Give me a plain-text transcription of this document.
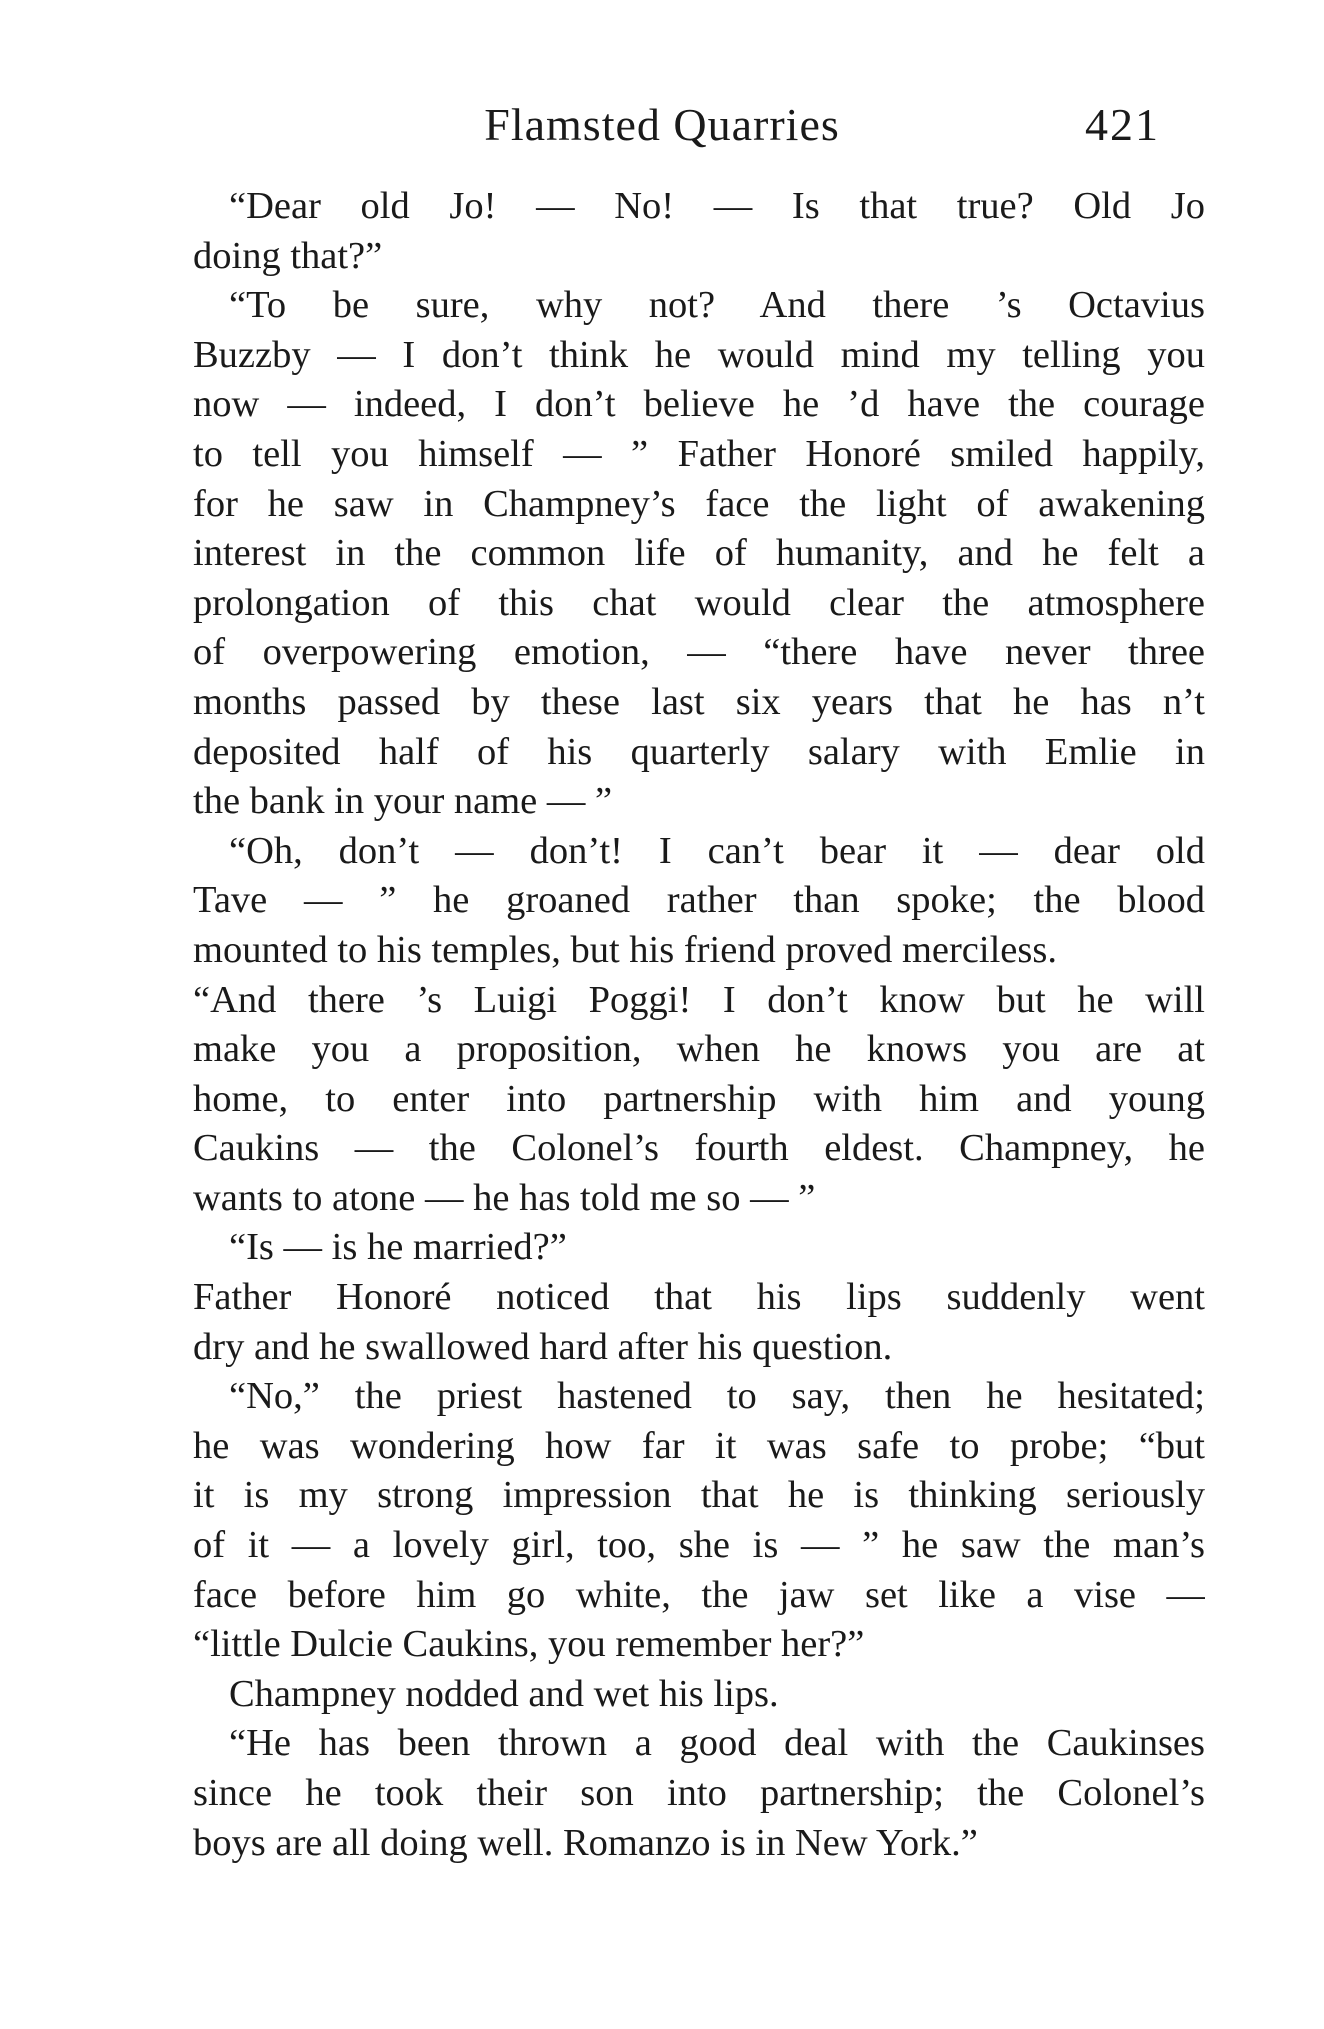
Flamsted Quarries	421
“Dear old Jo! — No! — Is that true? Old Jo
doing that?”
“To be sure, why not? And there ’s Octavius
Buzzby — I don’t think he would mind my telling you
now — indeed, I don’t believe he ’d have the courage
to tell you himself — ” Father Honoré smiled happily,
for he saw in Champney’s face the light of awakening
interest in the common life of humanity, and he felt a
prolongation of this chat would clear the atmosphere
of overpowering emotion, — “there have never three
months passed by these last six years that he has n’t
deposited half of his quarterly salary with Emlie in
the bank in your name — ”
“Oh, don’t — don’t! I can’t bear it — dear old
Tave — ” he groaned rather than spoke; the blood
mounted to his temples, but his friend proved merciless.
“And there ’s Luigi Poggi! I don’t know but he will
make you a proposition, when he knows you are at
home, to enter into partnership with him and young
Caukins — the Colonel’s fourth eldest. Champney, he
wants to atone — he has told me so — ”
“Is — is he married?”
Father Honoré noticed that his lips suddenly went
dry and he swallowed hard after his question.
“No,” the priest hastened to say, then he hesitated;
he was wondering how far it was safe to probe; “but
it is my strong impression that he is thinking seriously
of it — a lovely girl, too, she is — ” he saw the man’s
face before him go white, the jaw set like a vise —
“little Dulcie Caukins, you remember her?”
Champney nodded and wet his lips.
“He has been thrown a good deal with the Caukinses
since he took their son into partnership; the Colonel’s
boys are all doing well. Romanzo is in New York.”
